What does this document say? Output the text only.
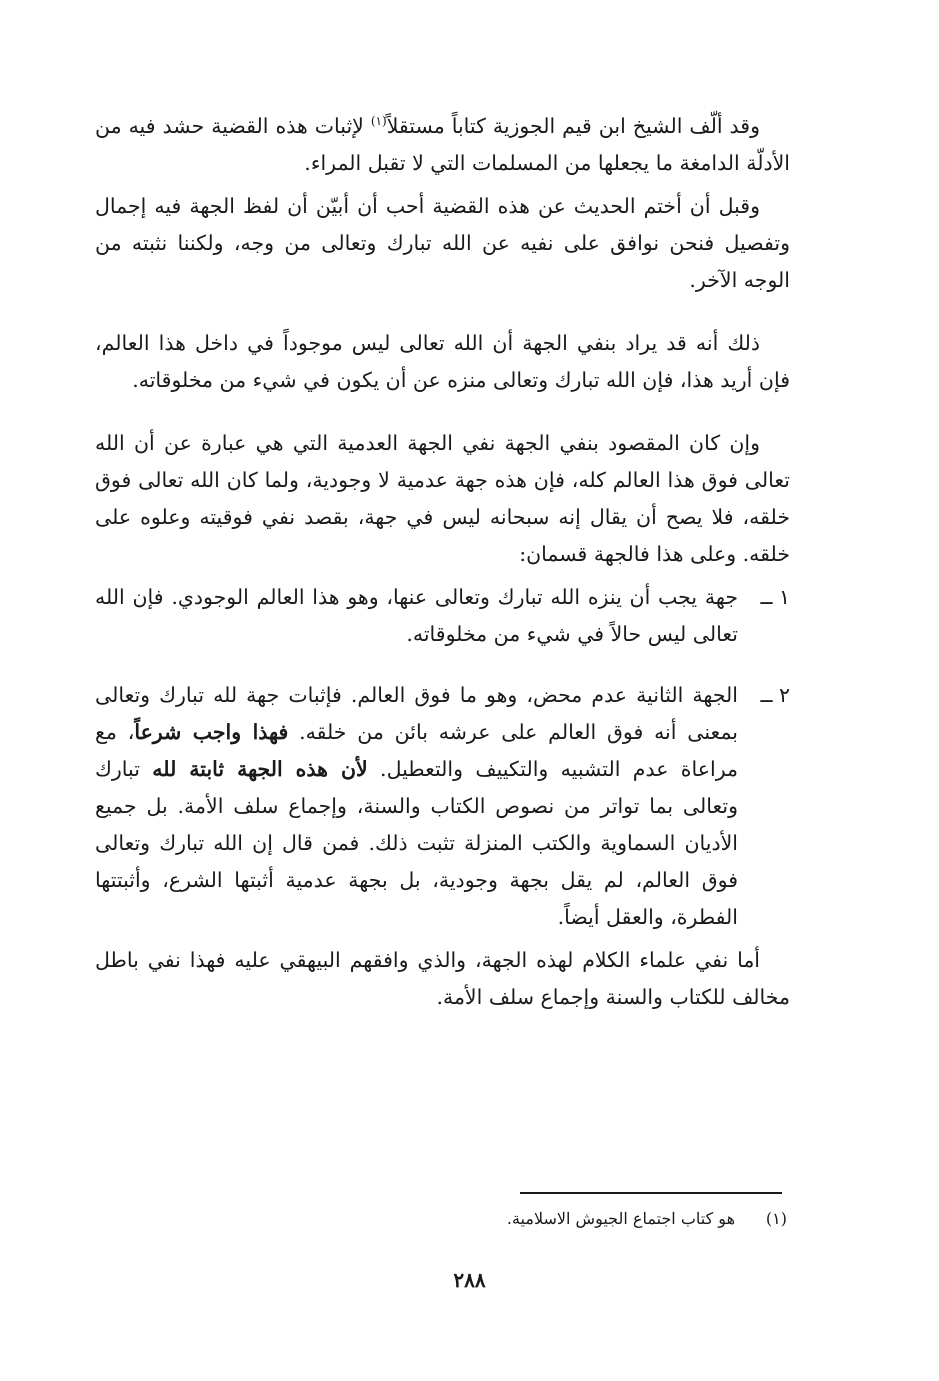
وقد ألّف الشيخ ابن قيم الجوزية كتاباً مستقلاً$^{(١)}$ لإثبات هذه القضية حشد فيه من الأدلّة الدامغة ما يجعلها من المسلمات التي لا تقبل المراء.

وقبل أن أختم الحديث عن هذه القضية أحب أن أبيّن أن لفظ الجهة فيه إجمال وتفصيل فنحن نوافق على نفيه عن الله تبارك وتعالى من وجه، ولكننا نثبته من الوجه الآخر.

ذلك أنه قد يراد بنفي الجهة أن الله تعالى ليس موجوداً في داخل هذا العالم، فإن أريد هذا، فإن الله تبارك وتعالى منزه عن أن يكون في شيء من مخلوقاته.

وإن كان المقصود بنفي الجهة نفي الجهة العدمية التي هي عبارة عن أن الله تعالى فوق هذا العالم كله، فإن هذه جهة عدمية لا وجودية، ولما كان الله تعالى فوق خلقه، فلا يصح أن يقال إنه سبحانه ليس في جهة، بقصد نفي فوقيته وعلوه على خلقه. وعلى هذا فالجهة قسمان:

١ ــ
جهة يجب أن ينزه الله تبارك وتعالى عنها، وهو هذا العالم الوجودي. فإن الله تعالى ليس حالاً في شيء من مخلوقاته.
٢ ــ
الجهة الثانية عدم محض، وهو ما فوق العالم. فإثبات جهة لله تبارك وتعالى بمعنى أنه فوق العالم على عرشه بائن من خلقه. فهذا واجب شرعاً، مع مراعاة عدم التشبيه والتكييف والتعطيل. لأن هذه الجهة ثابتة لله تبارك وتعالى بما تواتر من نصوص الكتاب والسنة، وإجماع سلف الأمة. بل جميع الأديان السماوية والكتب المنزلة تثبت ذلك. فمن قال إن الله تبارك وتعالى فوق العالم، لم يقل بجهة وجودية، بل بجهة عدمية أثبتها الشرع، وأثبتتها الفطرة، والعقل أيضاً.

أما نفي علماء الكلام لهذه الجهة، والذي وافقهم البيهقي عليه فهذا نفي باطل مخالف للكتاب والسنة وإجماع سلف الأمة.

(١)هو كتاب اجتماع الجيوش الاسلامية.
٢٨٨
